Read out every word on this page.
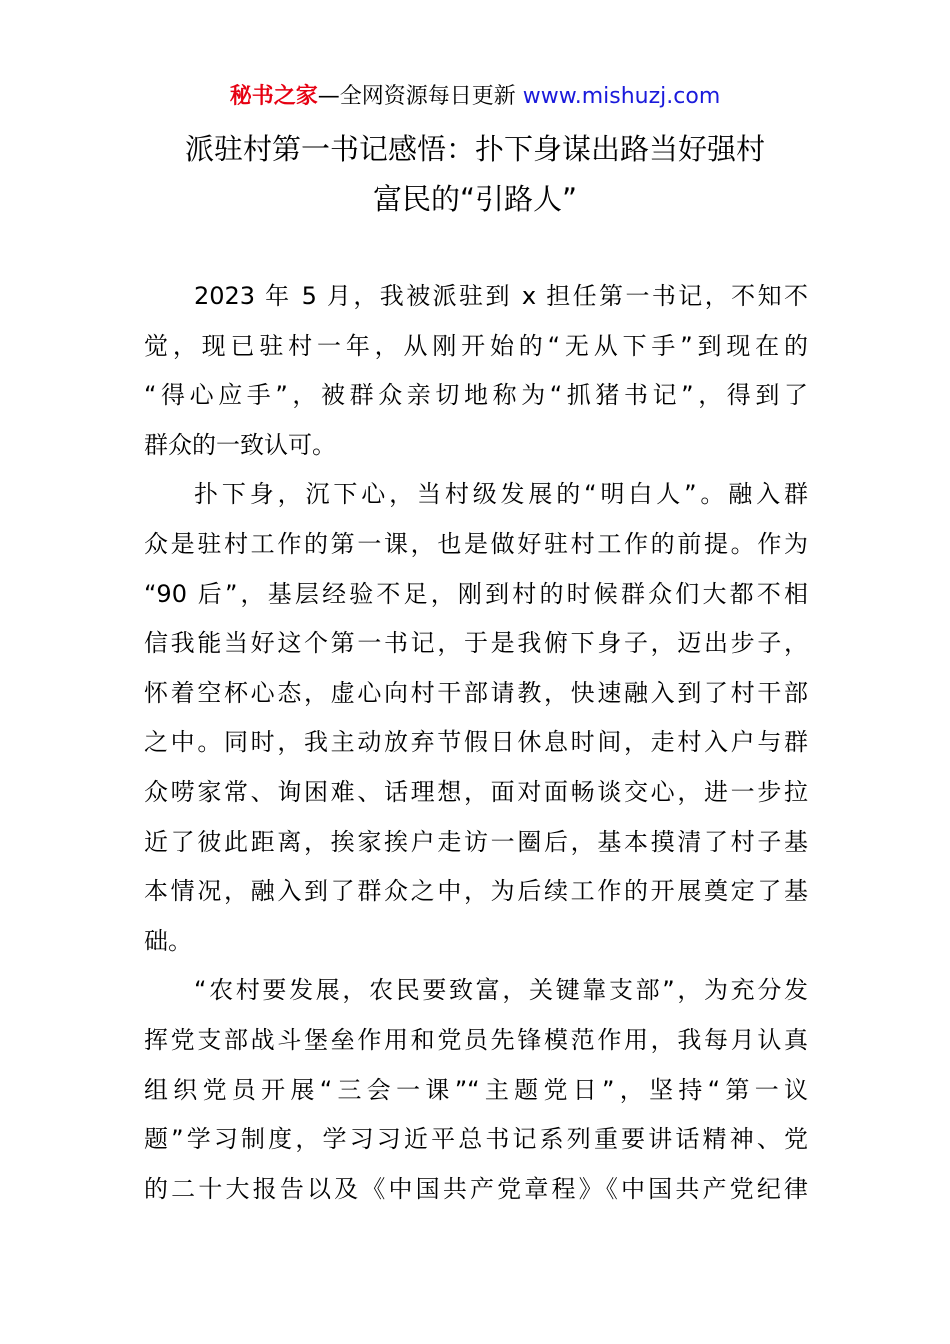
秘书之家—全网资源每日更新 www.mishuzj.com
派驻村第一书记感悟：扑下身谋出路当好强村
富民的“引路人”
2023 年 5 月，我被派驻到 x 担任第一书记，不知不
觉，现已驻村一年，从刚开始的“无从下手”到现在的
“得心应手”，被群众亲切地称为“抓猪书记”，得到了
群众的一致认可。
扑下身，沉下心，当村级发展的“明白人”。融入群
众是驻村工作的第一课，也是做好驻村工作的前提。作为
“90 后”，基层经验不足，刚到村的时候群众们大都不相
信我能当好这个第一书记，于是我俯下身子，迈出步子，
怀着空杯心态，虚心向村干部请教，快速融入到了村干部
之中。同时，我主动放弃节假日休息时间，走村入户与群
众唠家常、询困难、话理想，面对面畅谈交心，进一步拉
近了彼此距离，挨家挨户走访一圈后，基本摸清了村子基
本情况，融入到了群众之中，为后续工作的开展奠定了基
础。
“农村要发展，农民要致富，关键靠支部”，为充分发
挥党支部战斗堡垒作用和党员先锋模范作用，我每月认真
组织党员开展“三会一课”“主题党日”，坚持“第一议
题”学习制度，学习习近平总书记系列重要讲话精神、党
的二十大报告以及《中国共产党章程》《中国共产党纪律
